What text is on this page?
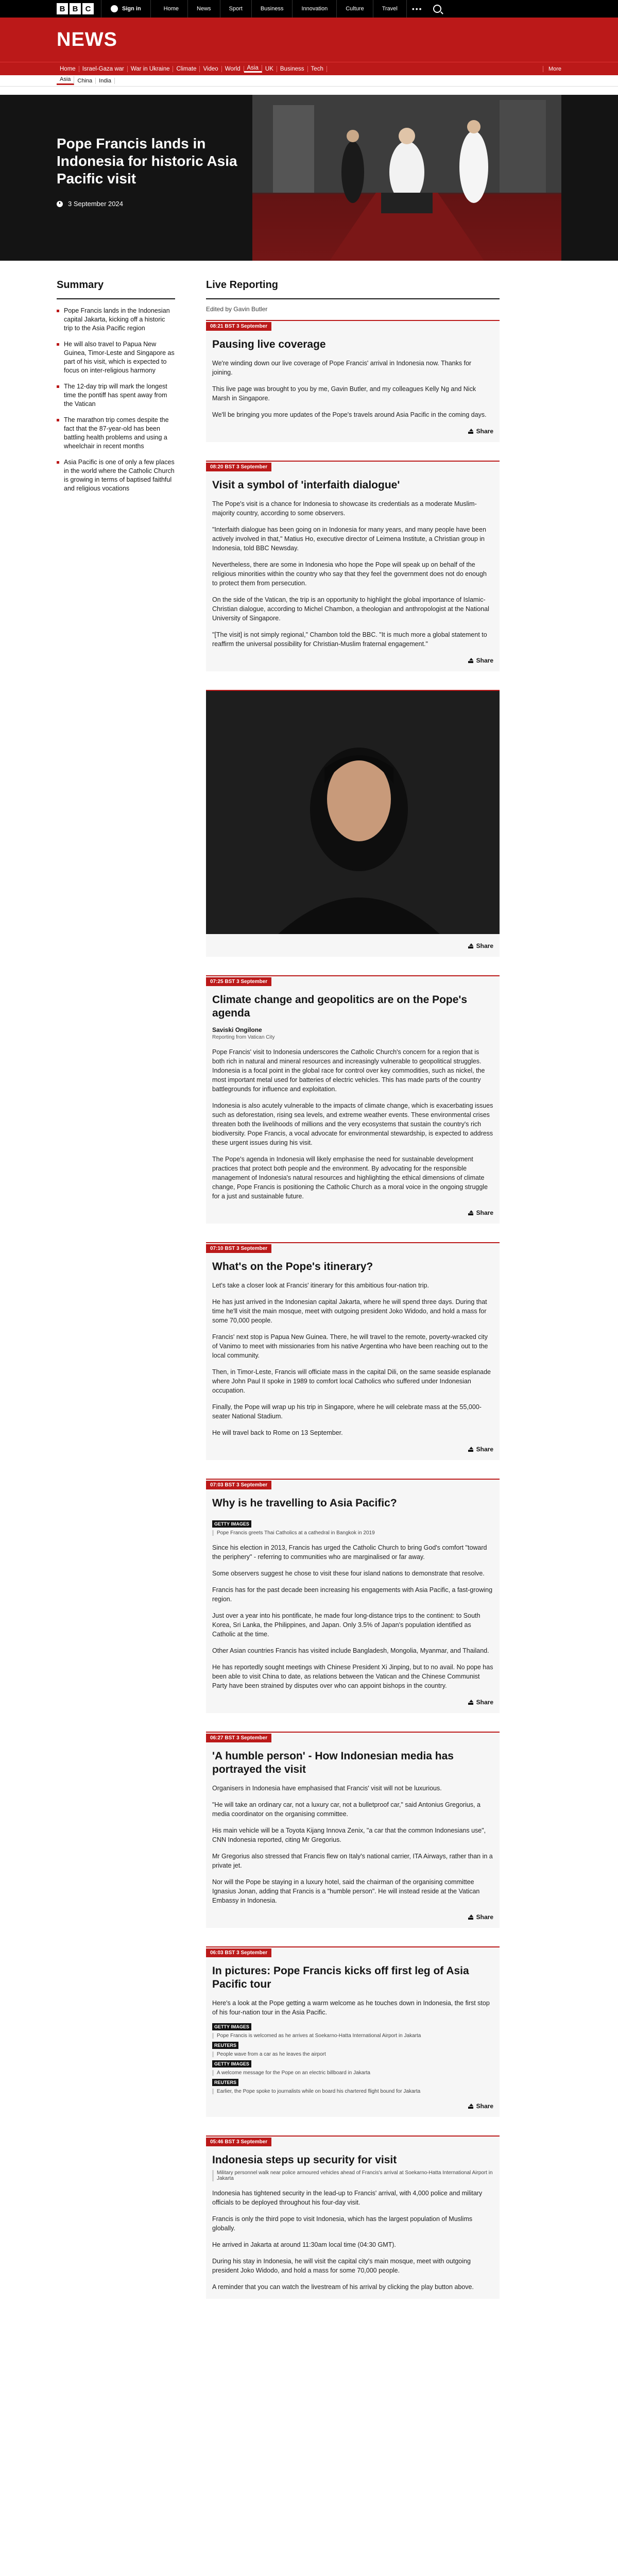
B B C	Sign in	Home	News	Sport	Business	Innovation	Culture	Travel	•••
NEWS
Home	Israel-Gaza war	War in Ukraine	Climate	Video	World	Asia	UK	Business	Tech	More
Asia	China	India
Pope Francis lands in Indonesia for historic Asia Pacific visit
3 September 2024
Summary
Pope Francis lands in the Indonesian capital Jakarta, kicking off a historic trip to the Asia Pacific region
He will also travel to Papua New Guinea, Timor-Leste and Singapore as part of his visit, which is expected to focus on inter-religious harmony
The 12-day trip will mark the longest time the pontiff has spent away from the Vatican
The marathon trip comes despite the fact that the 87-year-old has been battling health problems and using a wheelchair in recent months
Asia Pacific is one of only a few places in the world where the Catholic Church is growing in terms of baptised faithful and religious vocations
Live Reporting
Edited by Gavin Butler
08:21 BST 3 September
Pausing live coverage

We're winding down our live coverage of Pope Francis' arrival in Indonesia now. Thanks for joining.

This live page was brought to you by me, Gavin Butler, and my colleagues Kelly Ng and Nick Marsh in Singapore.

We'll be bringing you more updates of the Pope's travels around Asia Pacific in the coming days.

Share
08:20 BST 3 September
Visit a symbol of 'interfaith dialogue'

The Pope's visit is a chance for Indonesia to showcase its credentials as a moderate Muslim-majority country, according to some observers.

"Interfaith dialogue has been going on in Indonesia for many years, and many people have been actively involved in that," Matius Ho, executive director of Leimena Institute, a Christian group in Indonesia, told BBC Newsday.

Nevertheless, there are some in Indonesia who hope the Pope will speak up on behalf of the religious minorities within the country who say that they feel the government does not do enough to protect them from persecution.

On the side of the Vatican, the trip is an opportunity to highlight the global importance of Islamic-Christian dialogue, according to Michel Chambon, a theologian and anthropologist at the National University of Singapore.

"[The visit] is not simply regional," Chambon told the BBC. "It is much more a global statement to reaffirm the universal possibility for Christian-Muslim fraternal engagement."

Share
Share
07:25 BST 3 September
Climate change and geopolitics are on the Pope's agenda
Saviski Ongilone
Reporting from Vatican City

Pope Francis' visit to Indonesia underscores the Catholic Church's concern for a region that is both rich in natural and mineral resources and increasingly vulnerable to geopolitical struggles. Indonesia is a focal point in the global race for control over key commodities, such as nickel, the most important metal used for batteries of electric vehicles. This has made parts of the country battlegrounds for influence and exploitation.

Indonesia is also acutely vulnerable to the impacts of climate change, which is exacerbating issues such as deforestation, rising sea levels, and extreme weather events. These environmental crises threaten both the livelihoods of millions and the very ecosystems that sustain the country's rich biodiversity. Pope Francis, a vocal advocate for environmental stewardship, is expected to address these urgent issues during his visit.

The Pope's agenda in Indonesia will likely emphasise the need for sustainable development practices that protect both people and the environment. By advocating for the responsible management of Indonesia's natural resources and highlighting the ethical dimensions of climate change, Pope Francis is positioning the Catholic Church as a moral voice in the ongoing struggle for a just and sustainable future.

Share
07:10 BST 3 September
What's on the Pope's itinerary?

Let's take a closer look at Francis' itinerary for this ambitious four-nation trip.

He has just arrived in the Indonesian capital Jakarta, where he will spend three days. During that time he'll visit the main mosque, meet with outgoing president Joko Widodo, and hold a mass for some 70,000 people.

Francis' next stop is Papua New Guinea. There, he will travel to the remote, poverty-wracked city of Vanimo to meet with missionaries from his native Argentina who have been reaching out to the local community.

Then, in Timor-Leste, Francis will officiate mass in the capital Dili, on the same seaside esplanade where John Paul II spoke in 1989 to comfort local Catholics who suffered under Indonesian occupation.

Finally, the Pope will wrap up his trip in Singapore, where he will celebrate mass at the 55,000-seater National Stadium.

He will travel back to Rome on 13 September.

Share
07:03 BST 3 September
Why is he travelling to Asia Pacific?
GETTY IMAGES
Pope Francis greets Thai Catholics at a cathedral in Bangkok in 2019

Since his election in 2013, Francis has urged the Catholic Church to bring God's comfort "toward the periphery" - referring to communities who are marginalised or far away.

Some observers suggest he chose to visit these four island nations to demonstrate that resolve.

Francis has for the past decade been increasing his engagements with Asia Pacific, a fast-growing region.

Just over a year into his pontificate, he made four long-distance trips to the continent: to South Korea, Sri Lanka, the Philippines, and Japan. Only 3.5% of Japan's population identified as Catholic at the time.

Other Asian countries Francis has visited include Bangladesh, Mongolia, Myanmar, and Thailand.

He has reportedly sought meetings with Chinese President Xi Jinping, but to no avail. No pope has been able to visit China to date, as relations between the Vatican and the Chinese Communist Party have been strained by disputes over who can appoint bishops in the country.

Share
06:27 BST 3 September
'A humble person' - How Indonesian media has portrayed the visit

Organisers in Indonesia have emphasised that Francis' visit will not be luxurious.

"He will take an ordinary car, not a luxury car, not a bulletproof car," said Antonius Gregorius, a media coordinator on the organising committee.

His main vehicle will be a Toyota Kijang Innova Zenix, "a car that the common Indonesians use", CNN Indonesia reported, citing Mr Gregorius.

Mr Gregorius also stressed that Francis flew on Italy's national carrier, ITA Airways, rather than in a private jet.

Nor will the Pope be staying in a luxury hotel, said the chairman of the organising committee Ignasius Jonan, adding that Francis is a "humble person". He will instead reside at the Vatican Embassy in Indonesia.

Share
06:03 BST 3 September
In pictures: Pope Francis kicks off first leg of Asia Pacific tour

Here's a look at the Pope getting a warm welcome as he touches down in Indonesia, the first stop of his four-nation tour in the Asia Pacific.

GETTY IMAGES
Pope Francis is welcomed as he arrives at Soekarno-Hatta International Airport in Jakarta
REUTERS
People wave from a car as he leaves the airport
GETTY IMAGES
A welcome message for the Pope on an electric billboard in Jakarta
REUTERS
Earlier, the Pope spoke to journalists while on board his chartered flight bound for Jakarta
Share
05:46 BST 3 September
Indonesia steps up security for visit
Military personnel walk near police armoured vehicles ahead of Francis's arrival at Soekarno-Hatta International Airport in Jakarta

Indonesia has tightened security in the lead-up to Francis' arrival, with 4,000 police and military officials to be deployed throughout his four-day visit.

Francis is only the third pope to visit Indonesia, which has the largest population of Muslims globally.

He arrived in Jakarta at around 11:30am local time (04:30 GMT).

During his stay in Indonesia, he will visit the capital city's main mosque, meet with outgoing president Joko Widodo, and hold a mass for some 70,000 people.

A reminder that you can watch the livestream of his arrival by clicking the play button above.
